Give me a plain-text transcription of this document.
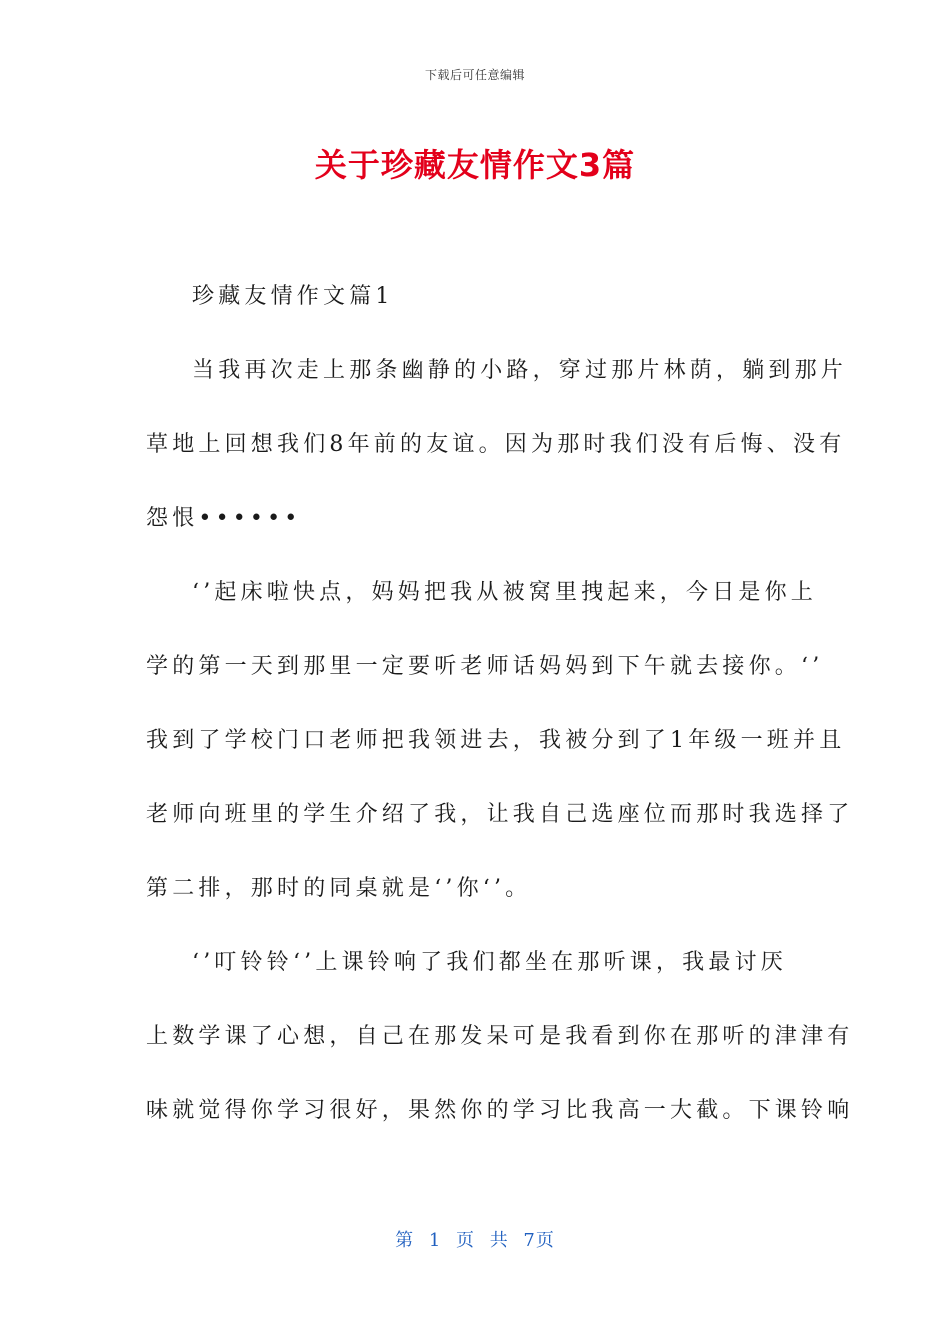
下载后可任意编辑
关于珍藏友情作文3篇
珍藏友情作文篇1
当我再次走上那条幽静的小路，穿过那片林荫，躺到那片
草地上回想我们8年前的友谊。因为那时我们没有后悔、没有
怨恨••••••
‘’起床啦快点，妈妈把我从被窝里拽起来，今日是你上
学的第一天到那里一定要听老师话妈妈到下午就去接你。‘’
我到了学校门口老师把我领进去，我被分到了1年级一班并且
老师向班里的学生介绍了我，让我自己选座位而那时我选择了
第二排，那时的同桌就是‘’你‘’。
‘’叮铃铃‘’上课铃响了我们都坐在那听课，我最讨厌
上数学课了心想，自己在那发呆可是我看到你在那听的津津有
味就觉得你学习很好，果然你的学习比我高一大截。下课铃响
第 1 页 共 7页
